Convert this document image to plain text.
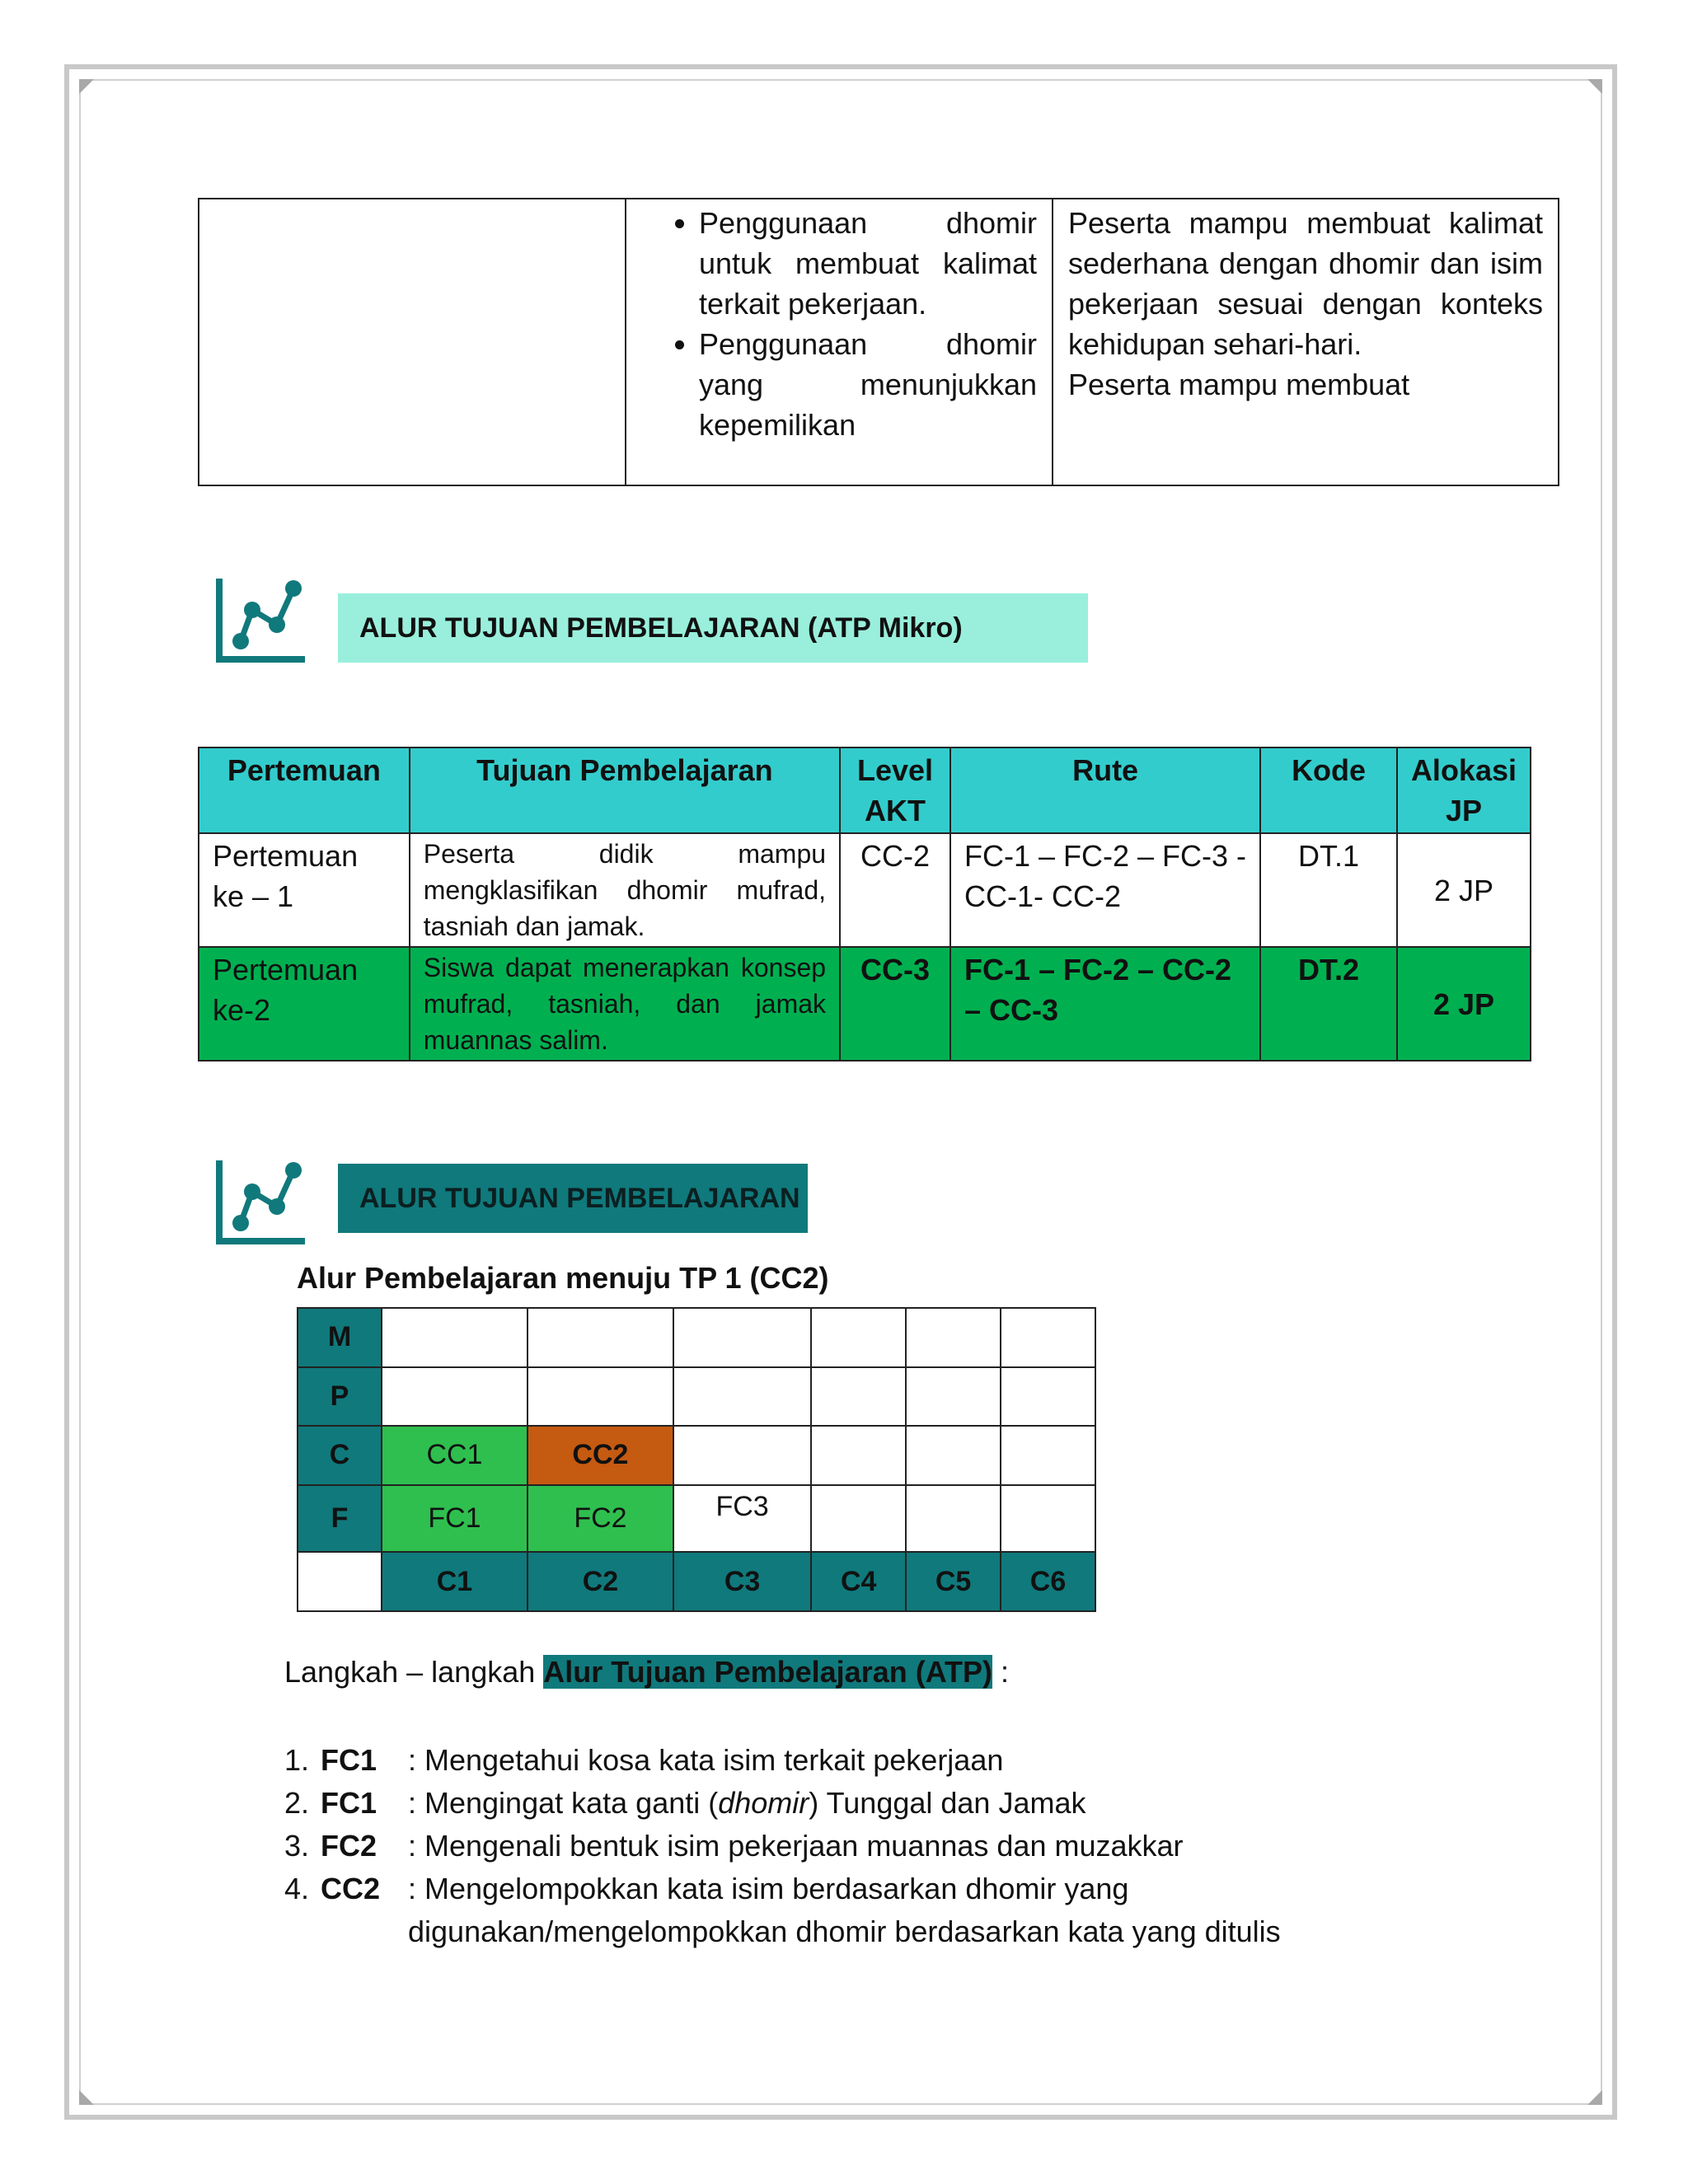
• Penggunaan dhomir untuk membuat kalimat terkait pekerjaan.
• Penggunaan dhomir yang menunjukkan kepemilikan

Peserta mampu membuat kalimat sederhana dengan dhomir dan isim pekerjaan sesuai dengan konteks kehidupan sehari-hari.
Peserta mampu membuat
ALUR TUJUAN PEMBELAJARAN (ATP Mikro)
Pertemuan	Tujuan Pembelajaran	Level AKT	Rute	Kode	Alokasi JP
Pertemuan ke – 1	Peserta didik mampu mengklasifikan dhomir mufrad, tasniah dan jamak.	CC-2	FC-1 – FC-2 – FC-3 - CC-1- CC-2	DT.1	2 JP
Pertemuan ke-2	Siswa dapat menerapkan konsep mufrad, tasniah, dan jamak muannas salim.	CC-3	FC-1 – FC-2 – CC-2 – CC-3	DT.2	2 JP
ALUR TUJUAN PEMBELAJARAN
Alur Pembelajaran menuju TP 1 (CC2)
M						
P						
C	CC1	CC2				
F	FC1	FC2	FC3			
	C1	C2	C3	C4	C5	C6
Langkah – langkah Alur Tujuan Pembelajaran (ATP) :
1. FC1	: Mengetahui kosa kata isim terkait pekerjaan
2. FC1	: Mengingat kata ganti (dhomir) Tunggal dan Jamak
3. FC2	: Mengenali bentuk isim pekerjaan muannas dan muzakkar
4. CC2 : Mengelompokkan kata isim berdasarkan dhomir yang
digunakan/mengelompokkan dhomir berdasarkan kata yang ditulis
